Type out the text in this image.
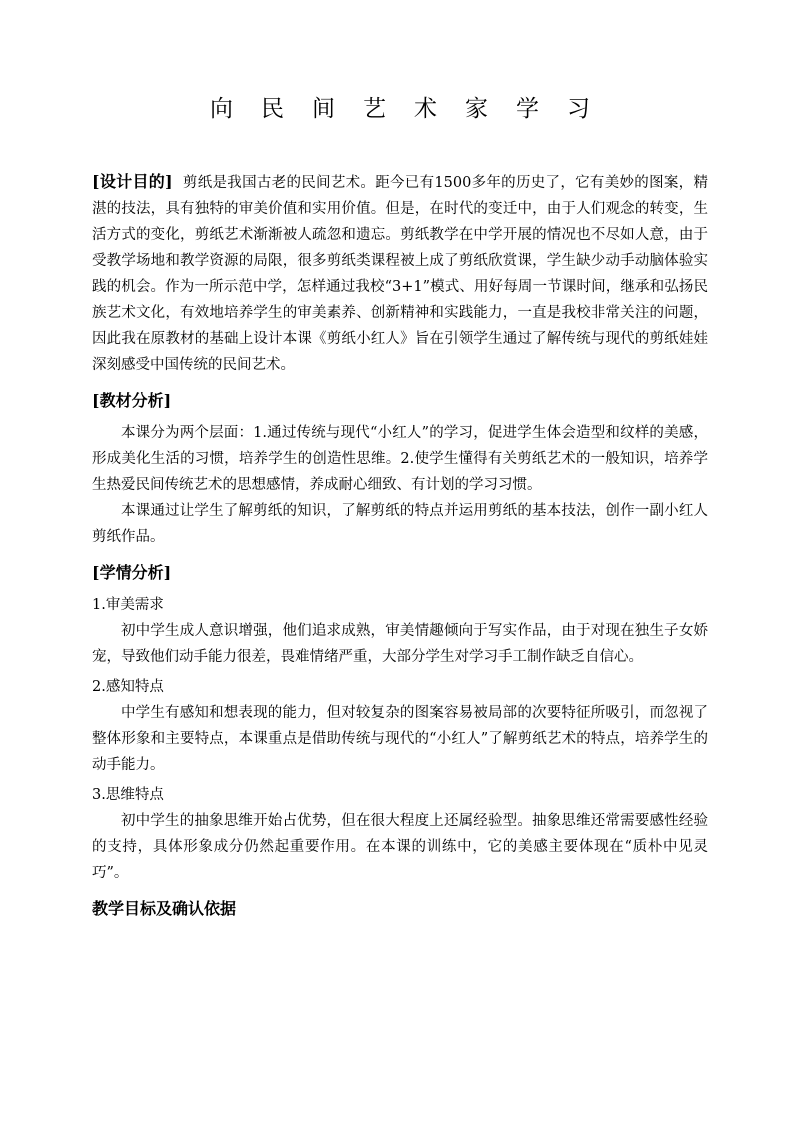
向民间艺术家学习

[设计目的] 剪纸是我国古老的民间艺术。距今已有1500多年的历史了，它有美妙的图案，精湛的技法，具有独特的审美价值和实用价值。但是，在时代的变迁中，由于人们观念的转变，生活方式的变化，剪纸艺术渐渐被人疏忽和遗忘。剪纸教学在中学开展的情况也不尽如人意，由于受教学场地和教学资源的局限，很多剪纸类课程被上成了剪纸欣赏课，学生缺少动手动脑体验实践的机会。作为一所示范中学，怎样通过我校“3+1”模式、用好每周一节课时间，继承和弘扬民族艺术文化，有效地培养学生的审美素养、创新精神和实践能力，一直是我校非常关注的问题，因此我在原教材的基础上设计本课《剪纸小红人》旨在引领学生通过了解传统与现代的剪纸娃娃深刻感受中国传统的民间艺术。

[教材分析]

本课分为两个层面：1.通过传统与现代“小红人”的学习，促进学生体会造型和纹样的美感，形成美化生活的习惯，培养学生的创造性思维。2.使学生懂得有关剪纸艺术的一般知识，培养学生热爱民间传统艺术的思想感情，养成耐心细致、有计划的学习习惯。

本课通过让学生了解剪纸的知识，了解剪纸的特点并运用剪纸的基本技法，创作一副小红人剪纸作品。

[学情分析]
1.审美需求

初中学生成人意识增强，他们追求成熟，审美情趣倾向于写实作品，由于对现在独生子女娇宠，导致他们动手能力很差，畏难情绪严重，大部分学生对学习手工制作缺乏自信心。

2.感知特点

中学生有感知和想表现的能力，但对较复杂的图案容易被局部的次要特征所吸引，而忽视了整体形象和主要特点，本课重点是借助传统与现代的“小红人”了解剪纸艺术的特点，培养学生的动手能力。

3.思维特点

初中学生的抽象思维开始占优势，但在很大程度上还属经验型。抽象思维还常需要感性经验的支持，具体形象成分仍然起重要作用。在本课的训练中，它的美感主要体现在“质朴中见灵巧”。

教学目标及确认依据
